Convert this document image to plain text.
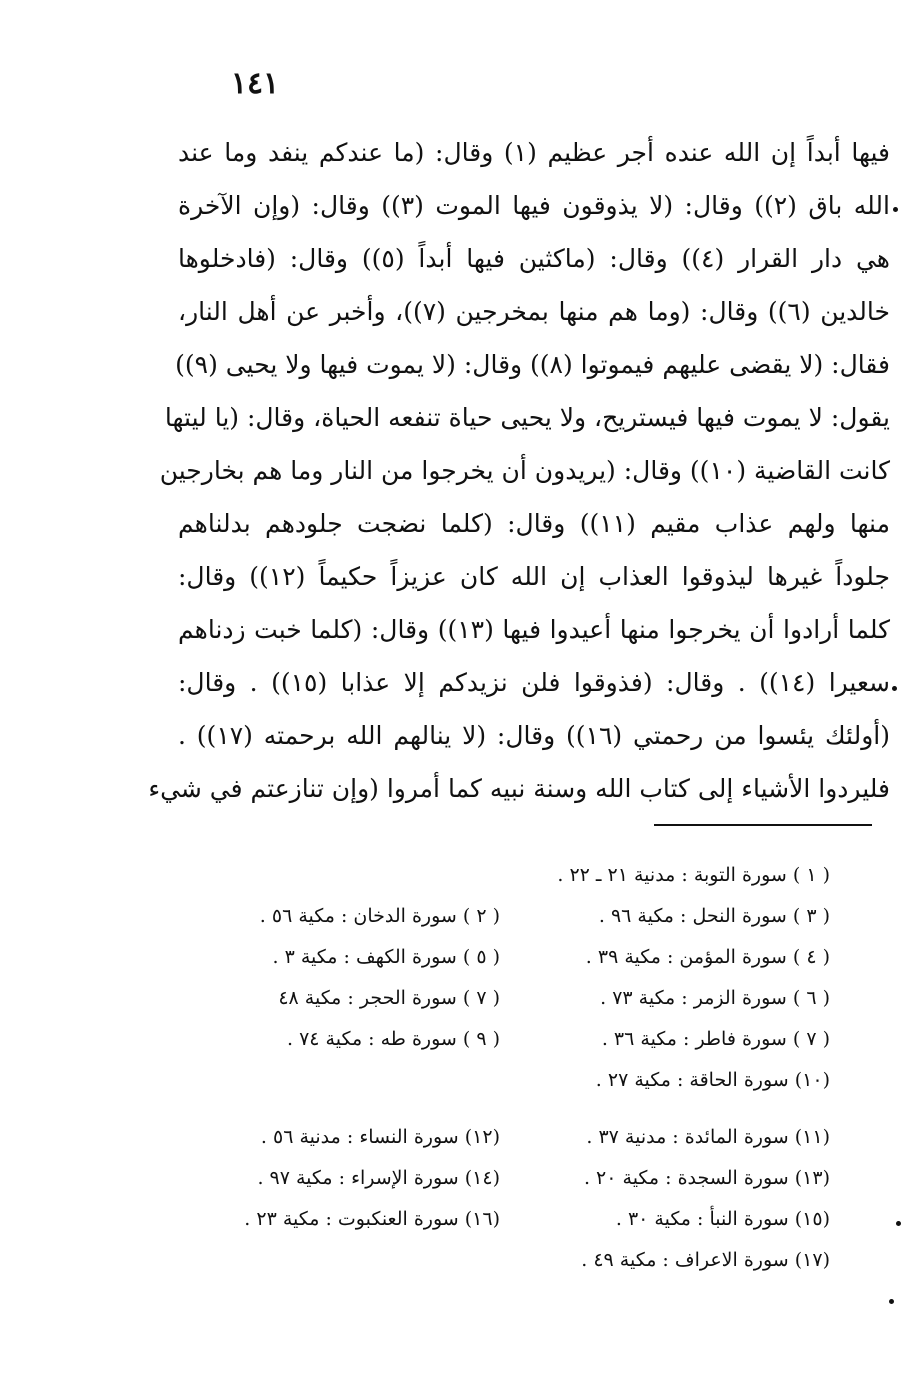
١٤١
فيها أبداً إن الله عنده أجر عظيم (١) وقال: (ما عندكم ينفد وما عند
الله باق (٢)) وقال: (لا يذوقون فيها الموت (٣)) وقال: (وإن الآخرة
هي دار القرار (٤)) وقال: (ماكثين فيها أبداً (٥)) وقال: (فادخلوها
خالدين (٦)) وقال: (وما هم منها بمخرجين (٧))، وأخبر عن أهل النار،
فقال: (لا يقضى عليهم فيموتوا (٨)) وقال: (لا يموت فيها ولا يحيى (٩))
يقول: لا يموت فيها فيستريح، ولا يحيى حياة تنفعه الحياة، وقال: (يا ليتها
كانت القاضية (١٠)) وقال: (يريدون أن يخرجوا من النار وما هم بخارجين
منها ولهم عذاب مقيم (١١)) وقال: (كلما نضجت جلودهم بدلناهم
جلوداً غيرها ليذوقوا العذاب إن الله كان عزيزاً حكيماً (١٢)) وقال:
كلما أرادوا أن يخرجوا منها أعيدوا فيها (١٣)) وقال: (كلما خبت زدناهم
سعيرا (١٤)) . وقال: (فذوقوا فلن نزيدكم إلا عذابا (١٥)) . وقال:
(أولئك يئسوا من رحمتي (١٦)) وقال: (لا ينالهم الله برحمته (١٧)) .
فليردوا الأشياء إلى كتاب الله وسنة نبيه كما أمروا (وإن تنازعتم في شيء
( ١ ) سورة التوبة : مدنية ٢١ ـ ٢٢ .
( ٣ ) سورة النحل : مكية ٩٦ .
( ٢ ) سورة الدخان : مكية ٥٦ .
( ٤ ) سورة المؤمن : مكية ٣٩ .
( ٥ ) سورة الكهف : مكية ٣ .
( ٦ ) سورة الزمر : مكية ٧٣ .
( ٧ ) سورة الحجر : مكية ٤٨
( ٧ ) سورة فاطر : مكية ٣٦ .
( ٩ ) سورة طه : مكية ٧٤ .
(١٠) سورة الحاقة : مكية ٢٧ .
(١١) سورة المائدة : مدنية ٣٧ .
(١٢) سورة النساء : مدنية ٥٦ .
(١٣) سورة السجدة : مكية ٢٠ .
(١٤) سورة الإسراء : مكية ٩٧ .
(١٥) سورة النبأ : مكية ٣٠ .
(١٦) سورة العنكبوت : مكية ٢٣ .
(١٧) سورة الاعراف : مكية ٤٩ .
